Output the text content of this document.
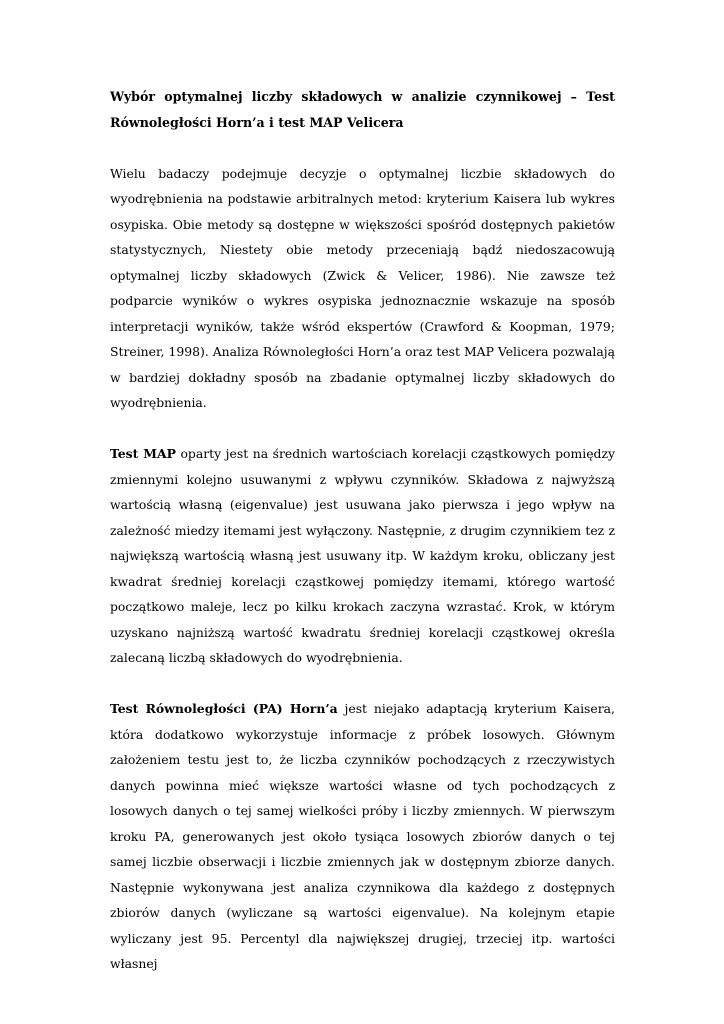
Wybór optymalnej liczby składowych w analizie czynnikowej – Test Równoległości Horn’a i test MAP Velicera

Wielu badaczy podejmuje decyzje o optymalnej liczbie składowych do wyodrębnienia na podstawie arbitralnych metod: kryterium Kaisera lub wykres osypiska. Obie metody są dostępne w większości spośród dostępnych pakietów statystycznych, Niestety obie metody przeceniają bądź niedoszacowują optymalnej liczby składowych (Zwick & Velicer, 1986). Nie zawsze też podparcie wyników o wykres osypiska jednoznacznie wskazuje na sposób interpretacji wyników, także wśród ekspertów (Crawford & Koopman, 1979; Streiner, 1998). Analiza Równoległości Horn’a oraz test MAP Velicera pozwalają w bardziej dokładny sposób na zbadanie optymalnej liczby składowych do wyodrębnienia.

Test MAP oparty jest na średnich wartościach korelacji cząstkowych pomiędzy zmiennymi kolejno usuwanymi z wpływu czynników. Składowa z najwyższą wartością własną (eigenvalue) jest usuwana jako pierwsza i jego wpływ na zależność miedzy itemami jest wyłączony. Następnie, z drugim czynnikiem tez z największą wartością własną jest usuwany itp. W każdym kroku, obliczany jest kwadrat średniej korelacji cząstkowej pomiędzy itemami, którego wartość początkowo maleje, lecz po kilku krokach zaczyna wzrastać. Krok, w którym uzyskano najniższą wartość kwadratu średniej korelacji cząstkowej określa zalecaną liczbą składowych do wyodrębnienia.

Test Równoległości (PA) Horn’a jest niejako adaptacją kryterium Kaisera, która dodatkowo wykorzystuje informacje z próbek losowych. Głównym założeniem testu jest to, że liczba czynników pochodzących z rzeczywistych danych powinna mieć większe wartości własne od tych pochodzących z losowych danych o tej samej wielkości próby i liczby zmiennych. W pierwszym kroku PA, generowanych jest około tysiąca losowych zbiorów danych o tej samej liczbie obserwacji i liczbie zmiennych jak w dostępnym zbiorze danych. Następnie wykonywana jest analiza czynnikowa dla każdego z dostępnych zbiorów danych (wyliczane są wartości eigenvalue). Na kolejnym etapie wyliczany jest 95. Percentyl dla największej drugiej, trzeciej itp. wartości własnej
